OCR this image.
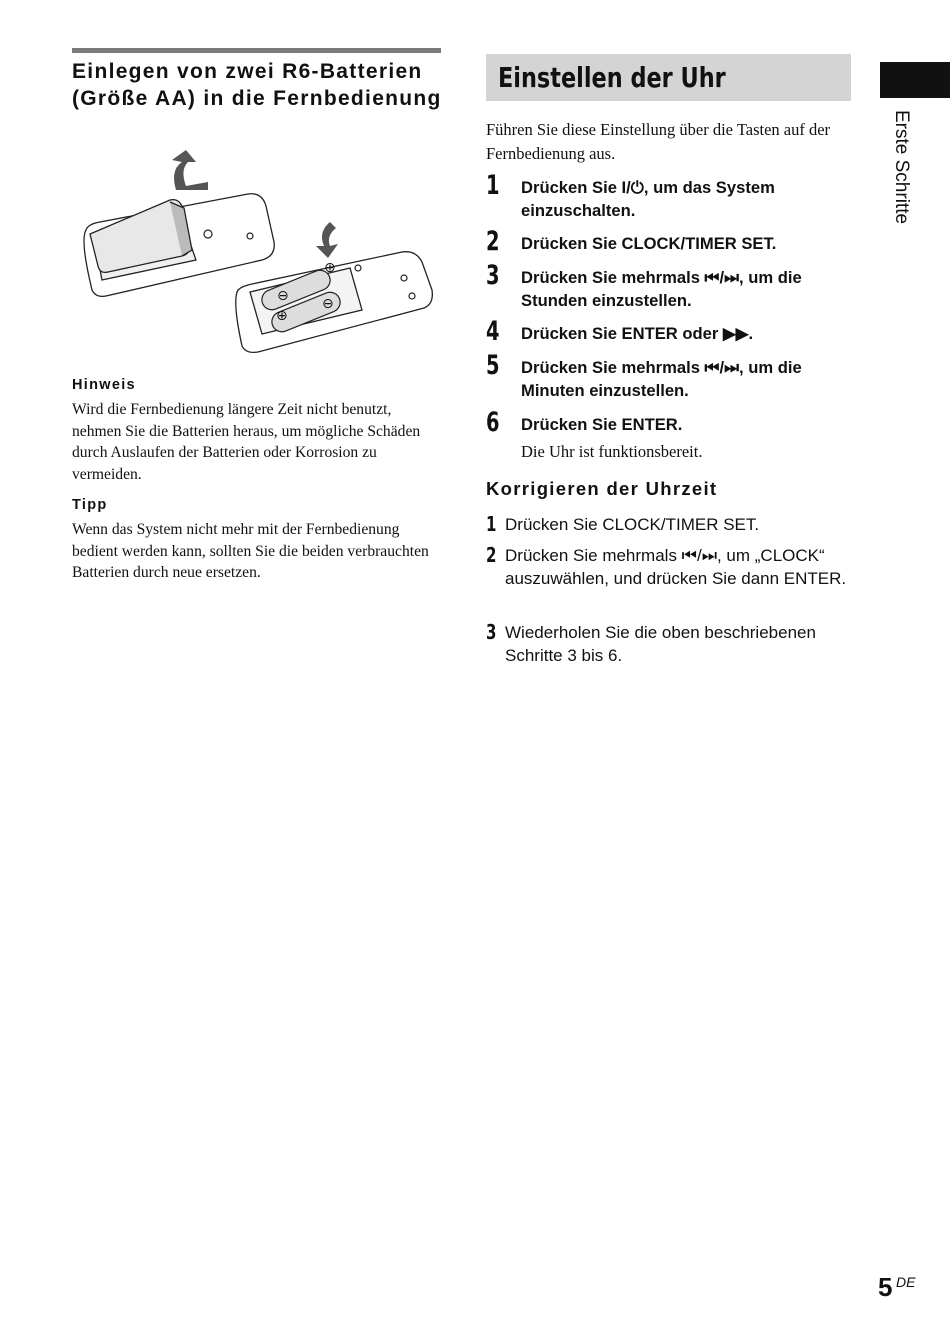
Einlegen von zwei R6-Batterien (Größe AA) in die Fernbedienung
⊕
⊖ ⊖
⊕

Hinweis

Wird die Fernbedienung längere Zeit nicht benutzt, nehmen Sie die Batterien heraus, um mögliche Schäden durch Auslaufen der Batterien oder Korrosion zu vermeiden.

Tipp

Wenn das System nicht mehr mit der Fernbedienung bedient werden kann, sollten Sie die beiden verbrauchten Batterien durch neue ersetzen.

Einstellen der Uhr

Führen Sie diese Einstellung über die Tasten auf der Fernbedienung aus.

1 Drücken Sie I/⏻, um das System einzuschalten.
2 Drücken Sie CLOCK/TIMER SET.
3 Drücken Sie mehrmals ⏮/⏭, um die Stunden einzustellen.
4 Drücken Sie ENTER oder ▶▶.
5 Drücken Sie mehrmals ⏮/⏭, um die Minuten einzustellen.
6 Drücken Sie ENTER.
Die Uhr ist funktionsbereit.
Korrigieren der Uhrzeit
1 Drücken Sie CLOCK/TIMER SET.
2 Drücken Sie mehrmals ⏮/⏭, um „CLOCK“ auszuwählen, und drücken Sie dann ENTER.
3 Wiederholen Sie die oben beschriebenen Schritte 3 bis 6.
Erste Schritte
5 DE
